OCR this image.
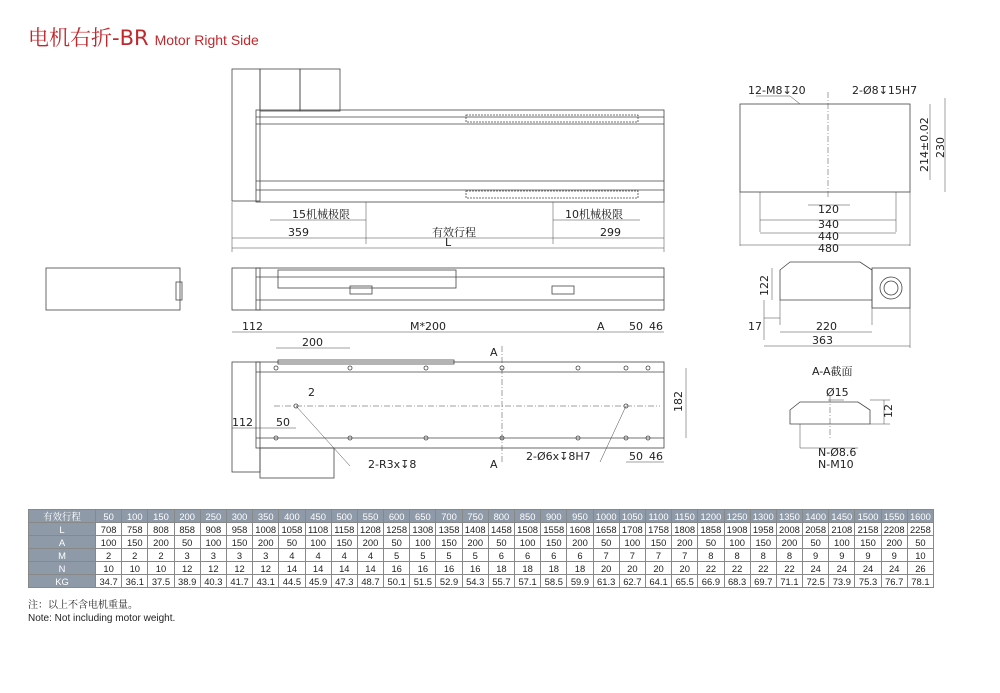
电机右折-BR Motor Right Side
15机械极限	10机械极限
359	有效行程	299
L
12-M8↧20	2-Ø8↧15H7
120
340
440
480
214±0.02 230
112	M*200	A 50 46
200
A
A
182
2
112 50
2-R3x↧8
2-Ø6x↧8H7	50 46
122
17	220
363
A-A截面
Ø15
12
N-Ø8.6
N-M10
有效行程	50	100	150	200	250	300	350	400	450	500	550	600	650	700	750	800	850	900	950	1000	1050	1100	1150	1200	1250	1300	1350	1400	1450	1500	1550	1600
L	708	758	808	858	908	958	1008	1058	1108	1158	1208	1258	1308	1358	1408	1458	1508	1558	1608	1658	1708	1758	1808	1858	1908	1958	2008	2058	2108	2158	2208	2258
A	100	150	200	50	100	150	200	50	100	150	200	50	100	150	200	50	100	150	200	50	100	150	200	50	100	150	200	50	100	150	200	50
M	2	2	2	3	3	3	3	4	4	4	4	5	5	5	5	6	6	6	6	7	7	7	7	8	8	8	8	9	9	9	9	10
N	10	10	10	12	12	12	12	14	14	14	14	16	16	16	16	18	18	18	18	20	20	20	20	22	22	22	22	24	24	24	24	26
KG	34.7	36.1	37.5	38.9	40.3	41.7	43.1	44.5	45.9	47.3	48.7	50.1	51.5	52.9	54.3	55.7	57.1	58.5	59.9	61.3	62.7	64.1	65.5	66.9	68.3	69.7	71.1	72.5	73.9	75.3	76.7	78.1
注：以上不含电机重量。
Note: Not including motor weight.
